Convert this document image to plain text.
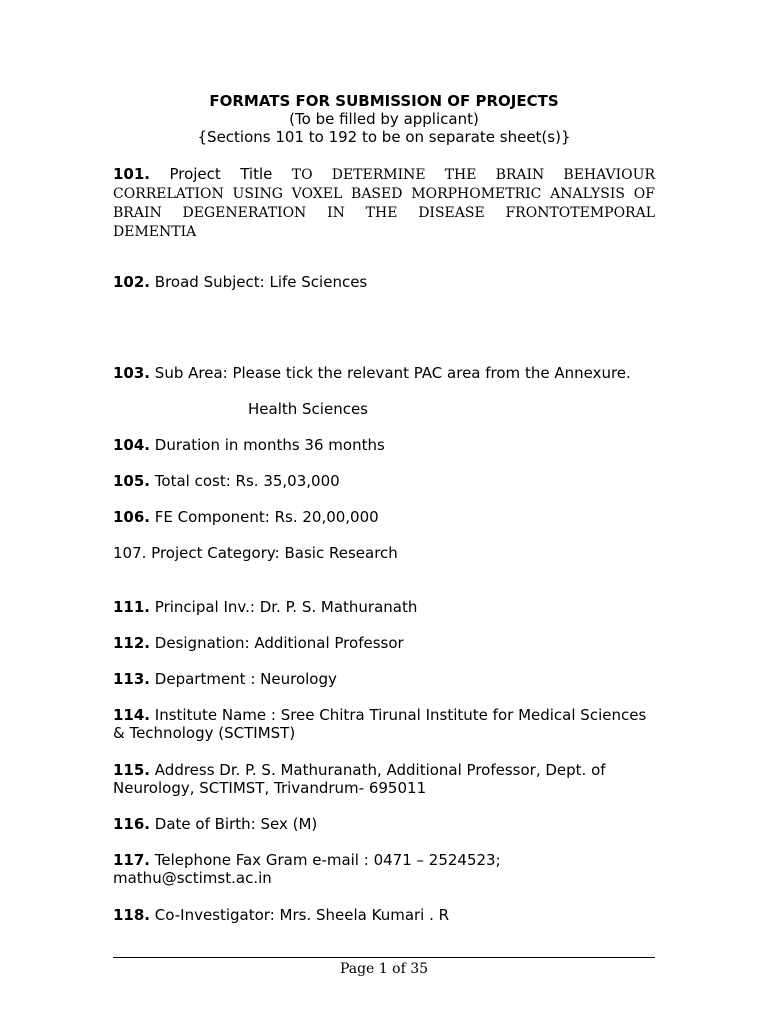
FORMATS FOR SUBMISSION OF PROJECTS
(To be filled by applicant)
{Sections 101 to 192 to be on separate sheet(s)}
101. Project Title TO DETERMINE THE BRAIN BEHAVIOUR CORRELATION USING VOXEL BASED MORPHOMETRIC ANALYSIS OF BRAIN DEGENERATION IN THE DISEASE FRONTOTEMPORAL DEMENTIA
102. Broad Subject: Life Sciences
103. Sub Area: Please tick the relevant PAC area from the Annexure.
Health Sciences
104. Duration in months 36 months
105. Total cost: Rs. 35,03,000
106. FE Component: Rs. 20,00,000
107. Project Category: Basic Research
111. Principal Inv.: Dr. P. S. Mathuranath
112. Designation: Additional Professor
113. Department : Neurology
114. Institute Name : Sree Chitra Tirunal Institute for Medical Sciences & Technology (SCTIMST)
115. Address Dr. P. S. Mathuranath, Additional Professor, Dept. of Neurology, SCTIMST, Trivandrum- 695011
116. Date of Birth: Sex (M)
117. Telephone Fax Gram e-mail : 0471 – 2524523; mathu@sctimst.ac.in
118. Co-Investigator: Mrs. Sheela Kumari . R
Page 1 of 35
